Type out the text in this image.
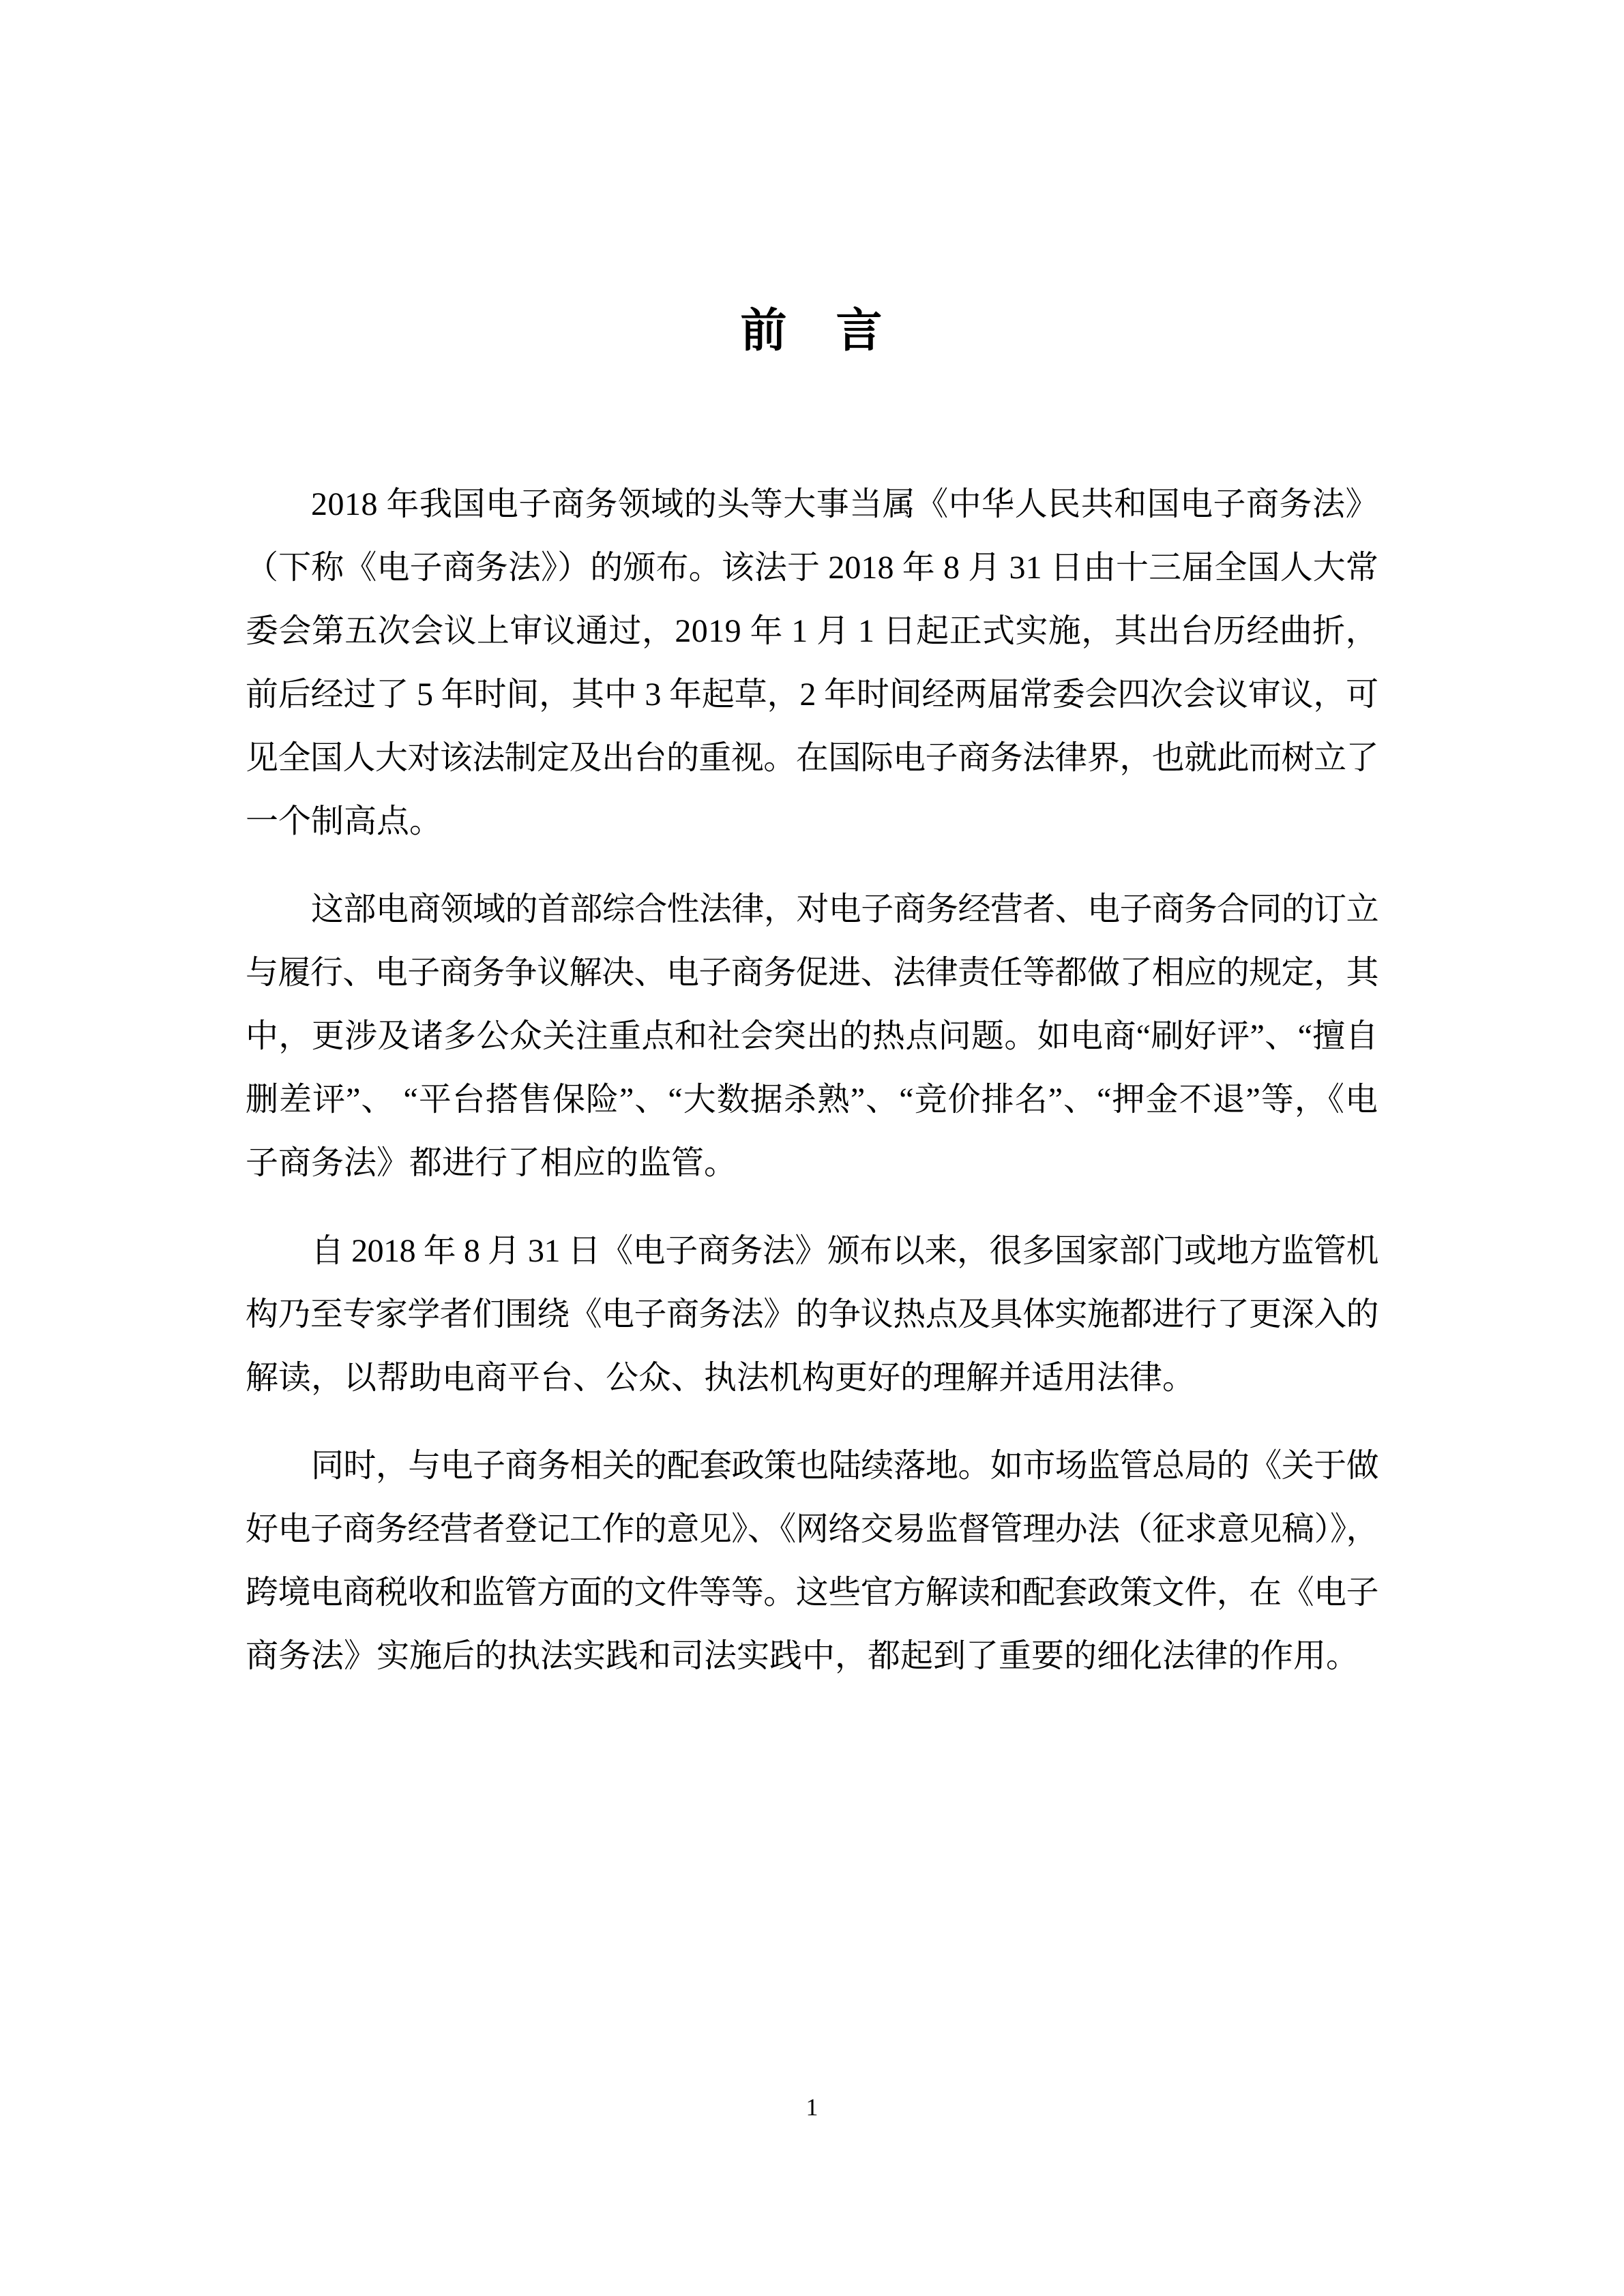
前　言
2018 年我国电子商务领域的头等大事当属《中华人民共和国电子商务法》
（下称《电子商务法》）的颁布。该法于 2018 年 8 月 31 日由十三届全国人大常
委会第五次会议上审议通过，2019 年 1 月 1 日起正式实施，其出台历经曲折，
前后经过了 5 年时间，其中 3 年起草，2 年时间经两届常委会四次会议审议，可
见全国人大对该法制定及出台的重视。在国际电子商务法律界，也就此而树立了
一个制高点。
这部电商领域的首部综合性法律，对电子商务经营者、电子商务合同的订立
与履行、电子商务争议解决、电子商务促进、法律责任等都做了相应的规定，其
中，更涉及诸多公众关注重点和社会突出的热点问题。如电商“刷好评”、“擅自
删差评”、 “平台搭售保险”、“大数据杀熟”、“竞价排名”、“押金不退”等，《电
子商务法》都进行了相应的监管。
自 2018 年 8 月 31 日《电子商务法》颁布以来，很多国家部门或地方监管机
构乃至专家学者们围绕《电子商务法》的争议热点及具体实施都进行了更深入的
解读，以帮助电商平台、公众、执法机构更好的理解并适用法律。
同时，与电子商务相关的配套政策也陆续落地。如市场监管总局的《关于做
好电子商务经营者登记工作的意见》、《网络交易监督管理办法（征求意见稿）》，
跨境电商税收和监管方面的文件等等。这些官方解读和配套政策文件，在《电子
商务法》实施后的执法实践和司法实践中，都起到了重要的细化法律的作用。
1
